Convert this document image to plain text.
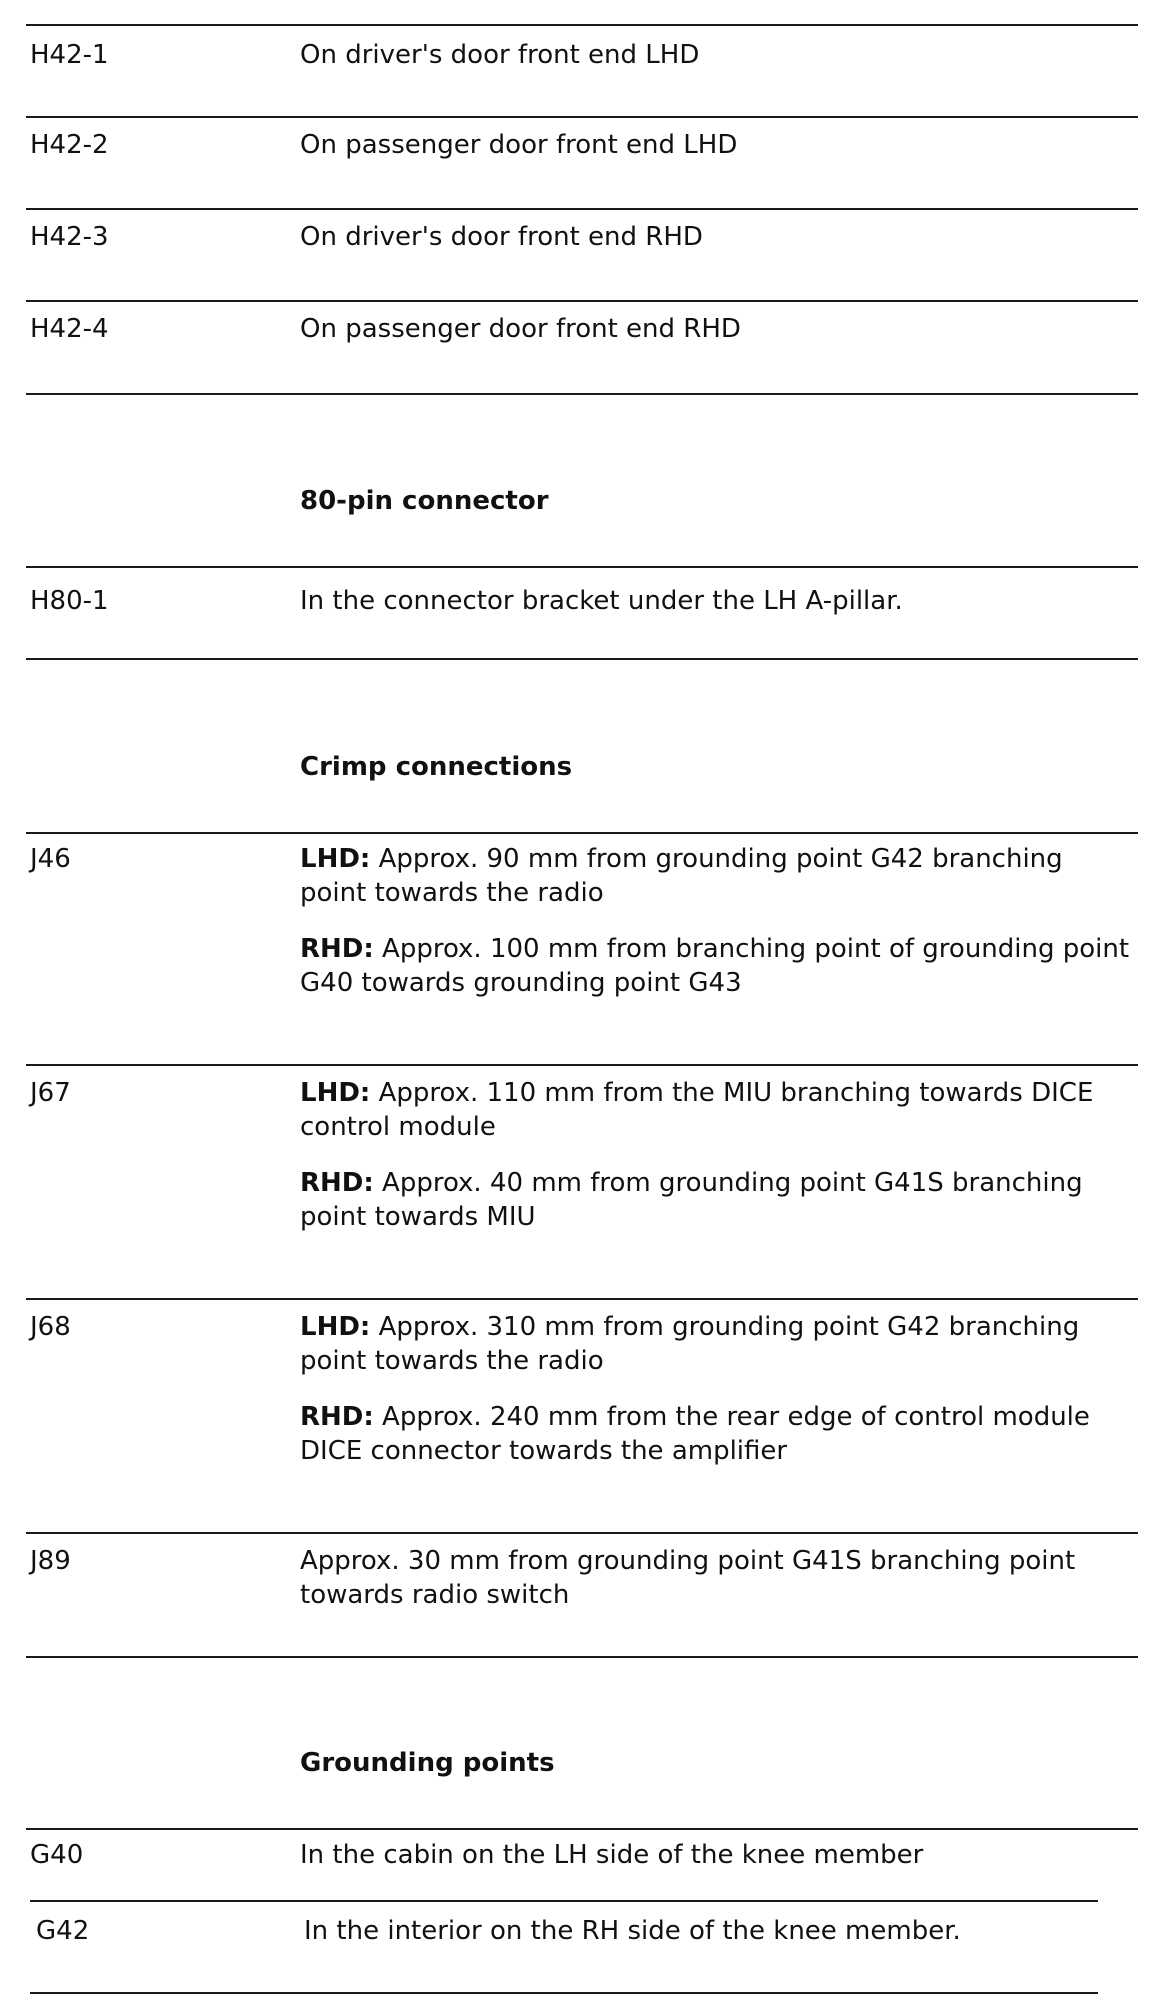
H42-1	On driver's door front end LHD
H42-2	On passenger door front end LHD
H42-3	On driver's door front end RHD
H42-4	On passenger door front end RHD
80-pin connector
H80-1	In the connector bracket under the LH A-pillar.
Crimp connections
J46	LHD: Approx. 90 mm from grounding point G42 branching point towards the radio

RHD: Approx. 100 mm from branching point of grounding point G40 towards grounding point G43

J67	LHD: Approx. 110 mm from the MIU branching towards DICE control module

RHD: Approx. 40 mm from grounding point G41S branching point towards MIU

J68	LHD: Approx. 310 mm from grounding point G42 branching point towards the radio

RHD: Approx. 240 mm from the rear edge of control module DICE connector towards the amplifier

J89	Approx. 30 mm from grounding point G41S branching point towards radio switch
Grounding points
G40	In the cabin on the LH side of the knee member
G42	In the interior on the RH side of the knee member.
